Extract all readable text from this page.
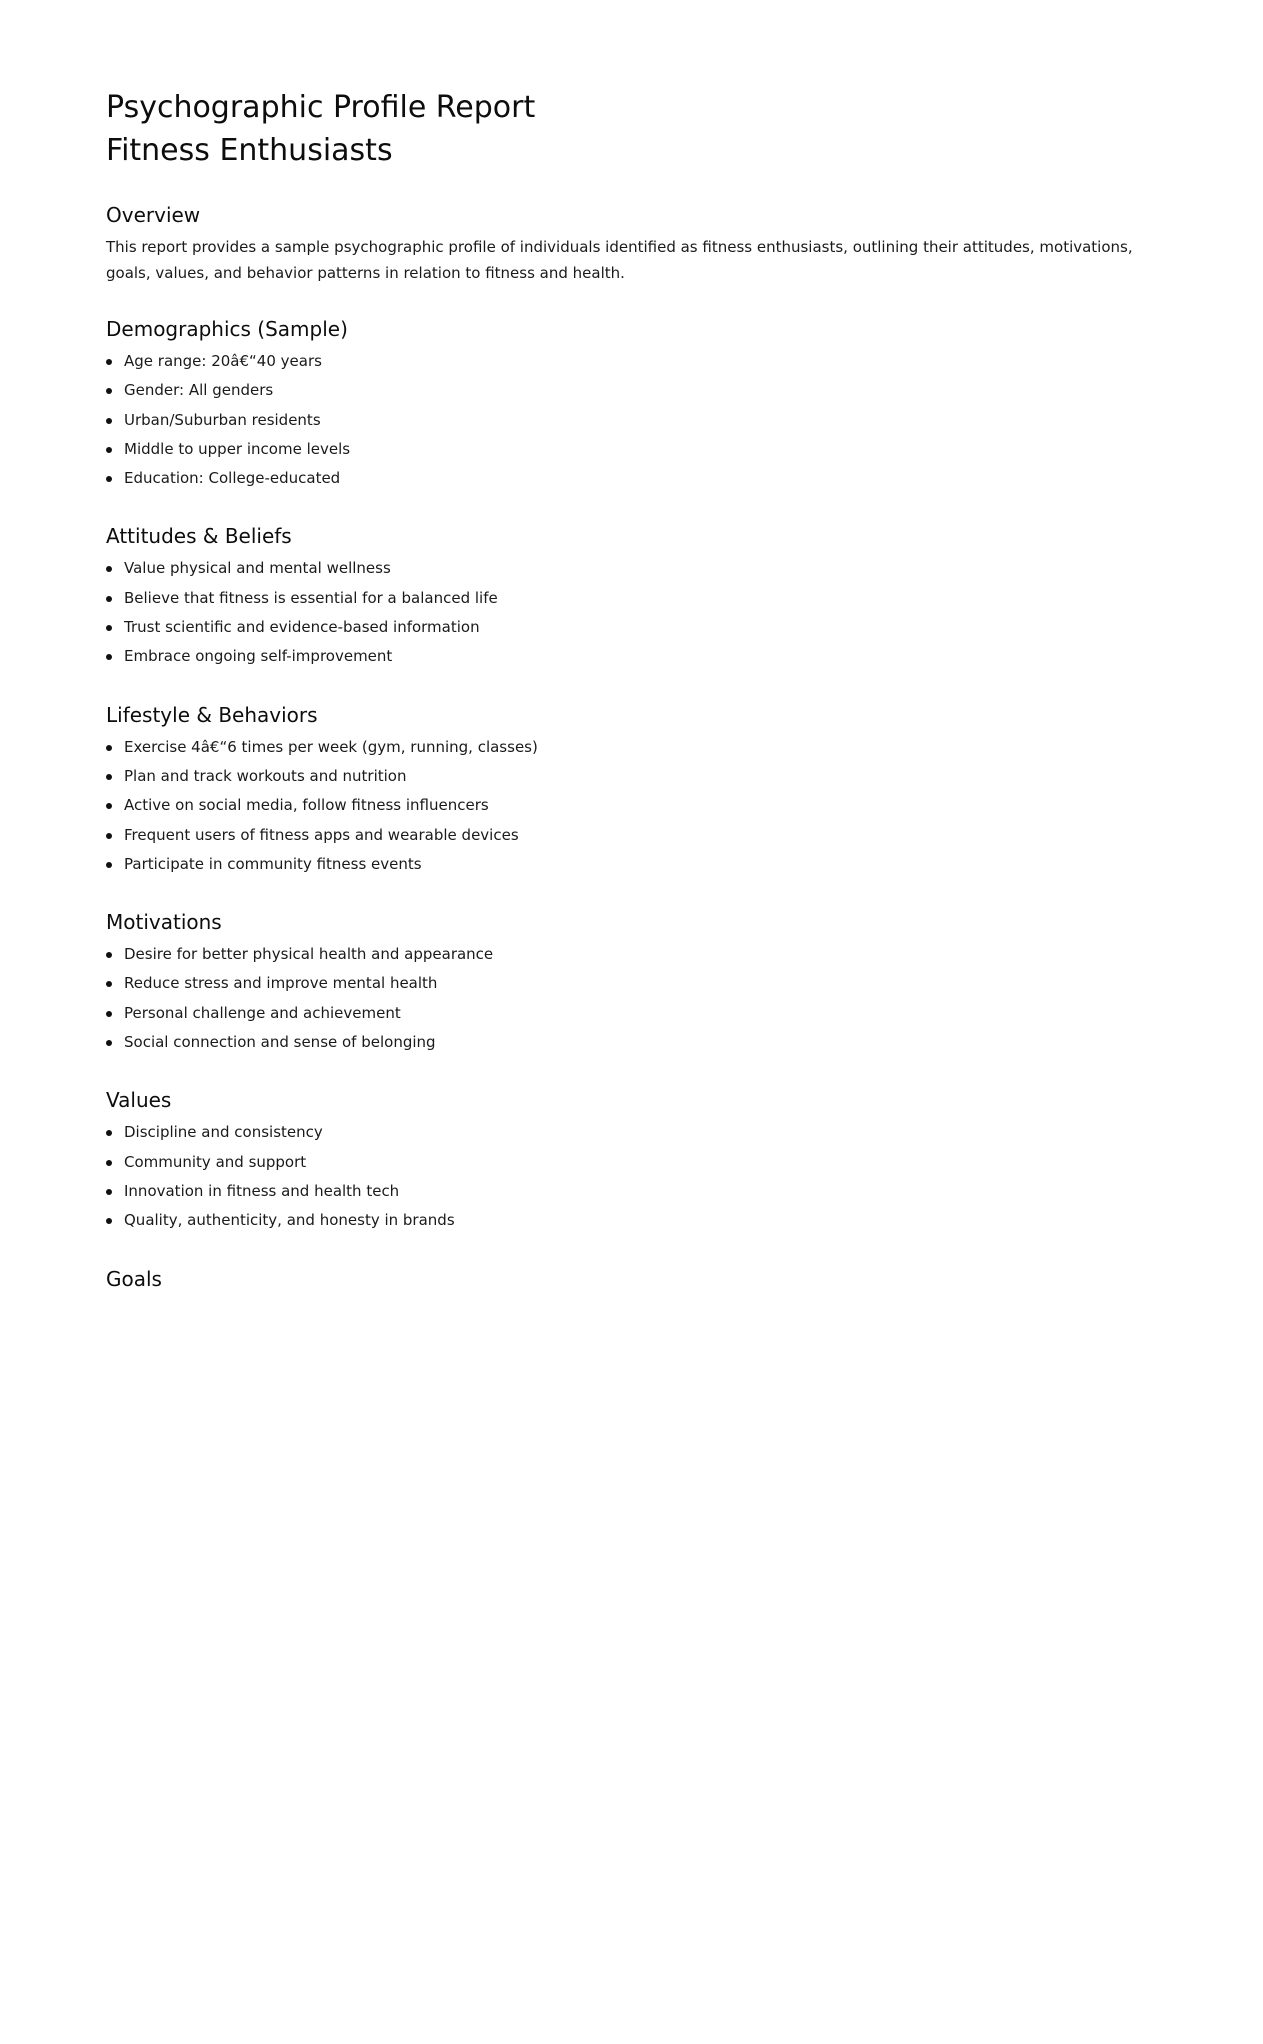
Psychographic Profile Report
Fitness Enthusiasts
Overview

This report provides a sample psychographic profile of individuals identified as fitness enthusiasts, outlining their attitudes, motivations, goals, values, and behavior patterns in relation to fitness and health.

Demographics (Sample)
Age range: 20â€“40 years
Gender: All genders
Urban/Suburban residents
Middle to upper income levels
Education: College-educated
Attitudes & Beliefs
Value physical and mental wellness
Believe that fitness is essential for a balanced life
Trust scientific and evidence-based information
Embrace ongoing self-improvement
Lifestyle & Behaviors
Exercise 4â€“6 times per week (gym, running, classes)
Plan and track workouts and nutrition
Active on social media, follow fitness influencers
Frequent users of fitness apps and wearable devices
Participate in community fitness events
Motivations
Desire for better physical health and appearance
Reduce stress and improve mental health
Personal challenge and achievement
Social connection and sense of belonging
Values
Discipline and consistency
Community and support
Innovation in fitness and health tech
Quality, authenticity, and honesty in brands
Goals
